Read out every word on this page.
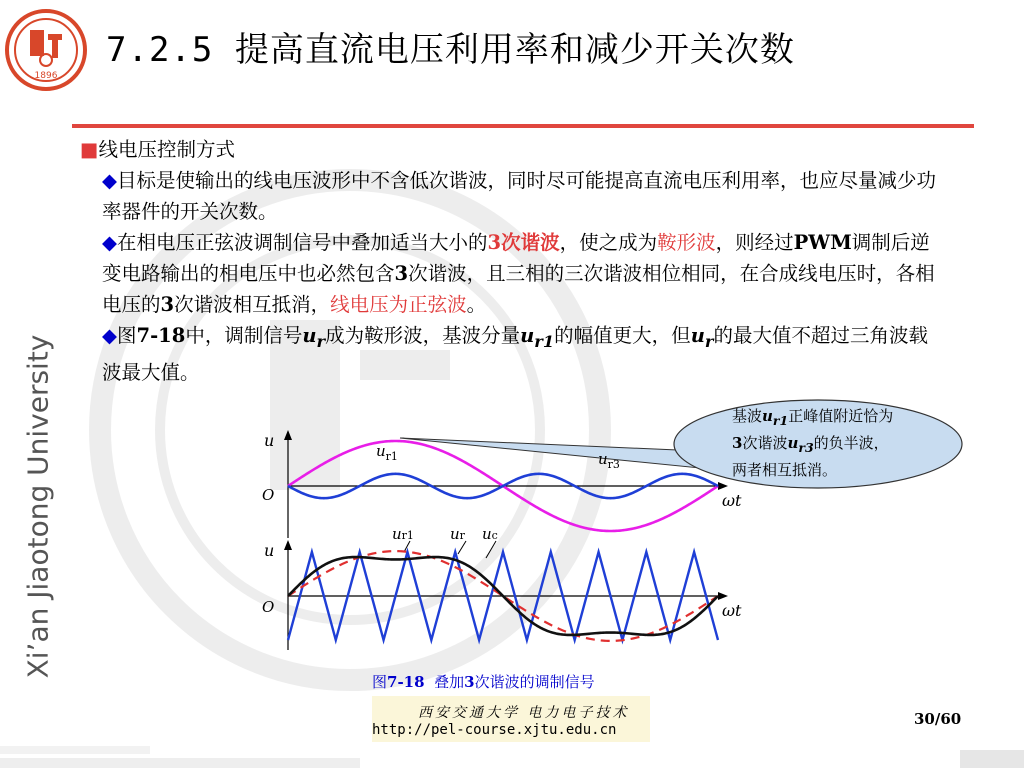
1896
7.2.5 提高直流电压利用率和减少开关次数
Xi’an Jiaotong University

■线电压控制方式

◆目标是使输出的线电压波形中不含低次谐波，同时尽可能提高直流电压利用率，也应尽量减少功率器件的开关次数。

◆在相电压正弦波调制信号中叠加适当大小的3次谐波，使之成为鞍形波，则经过PWM调制后逆变电路输出的相电压中也必然包含3次谐波，且三相的三次谐波相位相同，在合成线电压时，各相电压的3次谐波相互抵消，线电压为正弦波。

◆图7-18中，调制信号$u_r$成为鞍形波，基波分量$u_{r1}$的幅值更大，但$u_r$的最大值不超过三角波载波最大值。

基波$u_{r1}$正峰值附近恰为
3次谐波$u_{r3}$的负半波，
两者相互抵消。
u
O	ωt
$u_{r1}$	$u_{r3}$
u
O	ωt
ur1 ur uc
图7-18 叠加3次谐波的调制信号
西安交通大学 电力电子技术
http://pel-course.xjtu.edu.cn
30/60
